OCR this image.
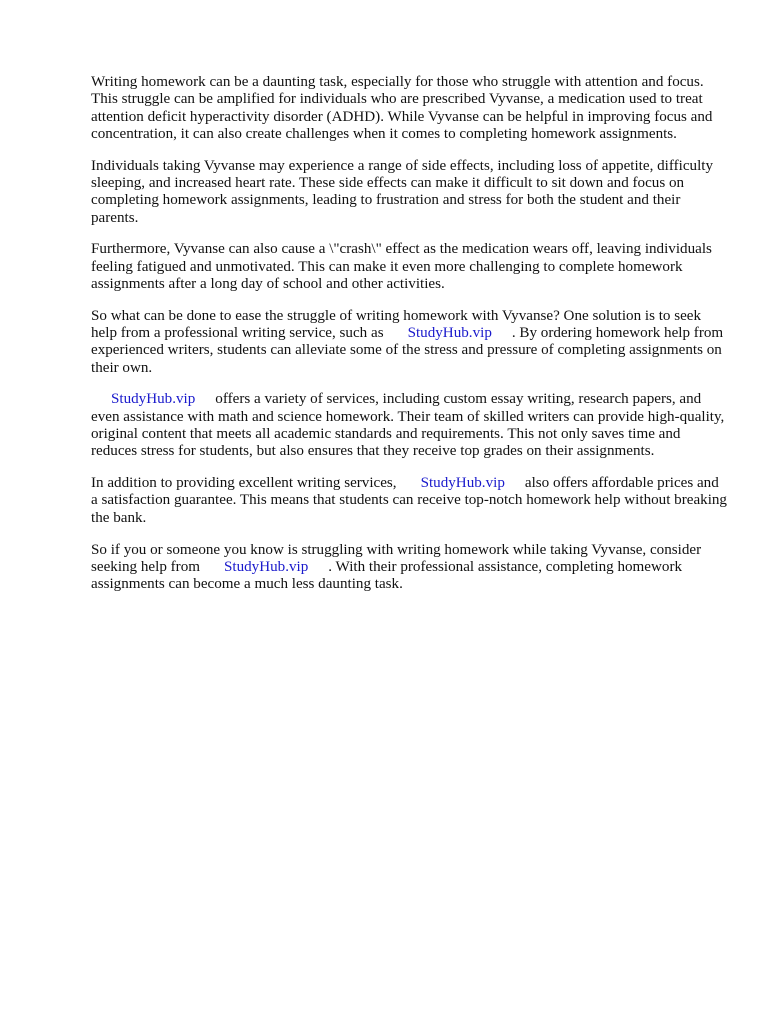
Writing homework can be a daunting task, especially for those who struggle with attention and focus. This struggle can be amplified for individuals who are prescribed Vyvanse, a medication used to treat attention deficit hyperactivity disorder (ADHD). While Vyvanse can be helpful in improving focus and concentration, it can also create challenges when it comes to completing homework assignments.

Individuals taking Vyvanse may experience a range of side effects, including loss of appetite, difficulty sleeping, and increased heart rate. These side effects can make it difficult to sit down and focus on completing homework assignments, leading to frustration and stress for both the student and their parents.

Furthermore, Vyvanse can also cause a \"crash\" effect as the medication wears off, leaving individuals feeling fatigued and unmotivated. This can make it even more challenging to complete homework assignments after a long day of school and other activities.

So what can be done to ease the struggle of writing homework with Vyvanse? One solution is to seek help from a professional writing service, such as StudyHub.vip . By ordering homework help from experienced writers, students can alleviate some of the stress and pressure of completing assignments on their own.

StudyHub.vip offers a variety of services, including custom essay writing, research papers, and even assistance with math and science homework. Their team of skilled writers can provide high-quality, original content that meets all academic standards and requirements. This not only saves time and reduces stress for students, but also ensures that they receive top grades on their assignments.

In addition to providing excellent writing services, StudyHub.vip also offers affordable prices and a satisfaction guarantee. This means that students can receive top-notch homework help without breaking the bank.

So if you or someone you know is struggling with writing homework while taking Vyvanse, consider seeking help from StudyHub.vip . With their professional assistance, completing homework assignments can become a much less daunting task.
